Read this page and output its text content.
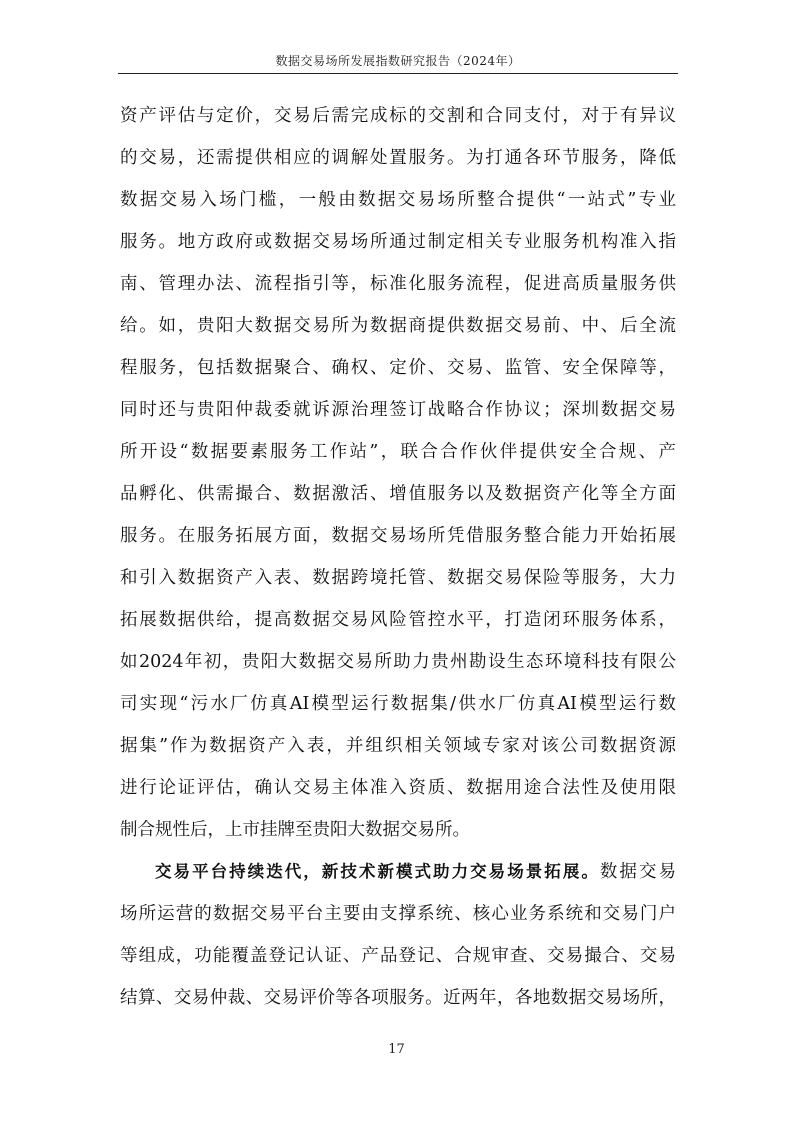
数据交易场所发展指数研究报告（2024年）
资产评估与定价，交易后需完成标的交割和合同支付，对于有异议
的交易，还需提供相应的调解处置服务。为打通各环节服务，降低
数据交易入场门槛，一般由数据交易场所整合提供“一站式”专业
服务。地方政府或数据交易场所通过制定相关专业服务机构准入指
南、管理办法、流程指引等，标准化服务流程，促进高质量服务供
给。如，贵阳大数据交易所为数据商提供数据交易前、中、后全流
程服务，包括数据聚合、确权、定价、交易、监管、安全保障等，
同时还与贵阳仲裁委就诉源治理签订战略合作协议；深圳数据交易
所开设“数据要素服务工作站”，联合合作伙伴提供安全合规、产
品孵化、供需撮合、数据激活、增值服务以及数据资产化等全方面
服务。在服务拓展方面，数据交易场所凭借服务整合能力开始拓展
和引入数据资产入表、数据跨境托管、数据交易保险等服务，大力
拓展数据供给，提高数据交易风险管控水平，打造闭环服务体系，
如2024年初，贵阳大数据交易所助力贵州勘设生态环境科技有限公
司实现“污水厂仿真AI模型运行数据集/供水厂仿真AI模型运行数
据集”作为数据资产入表，并组织相关领域专家对该公司数据资源
进行论证评估，确认交易主体准入资质、数据用途合法性及使用限
制合规性后，上市挂牌至贵阳大数据交易所。
交易平台持续迭代，新技术新模式助力交易场景拓展。数据交易
场所运营的数据交易平台主要由支撑系统、核心业务系统和交易门户
等组成，功能覆盖登记认证、产品登记、合规审查、交易撮合、交易
结算、交易仲裁、交易评价等各项服务。近两年，各地数据交易场所，
17
